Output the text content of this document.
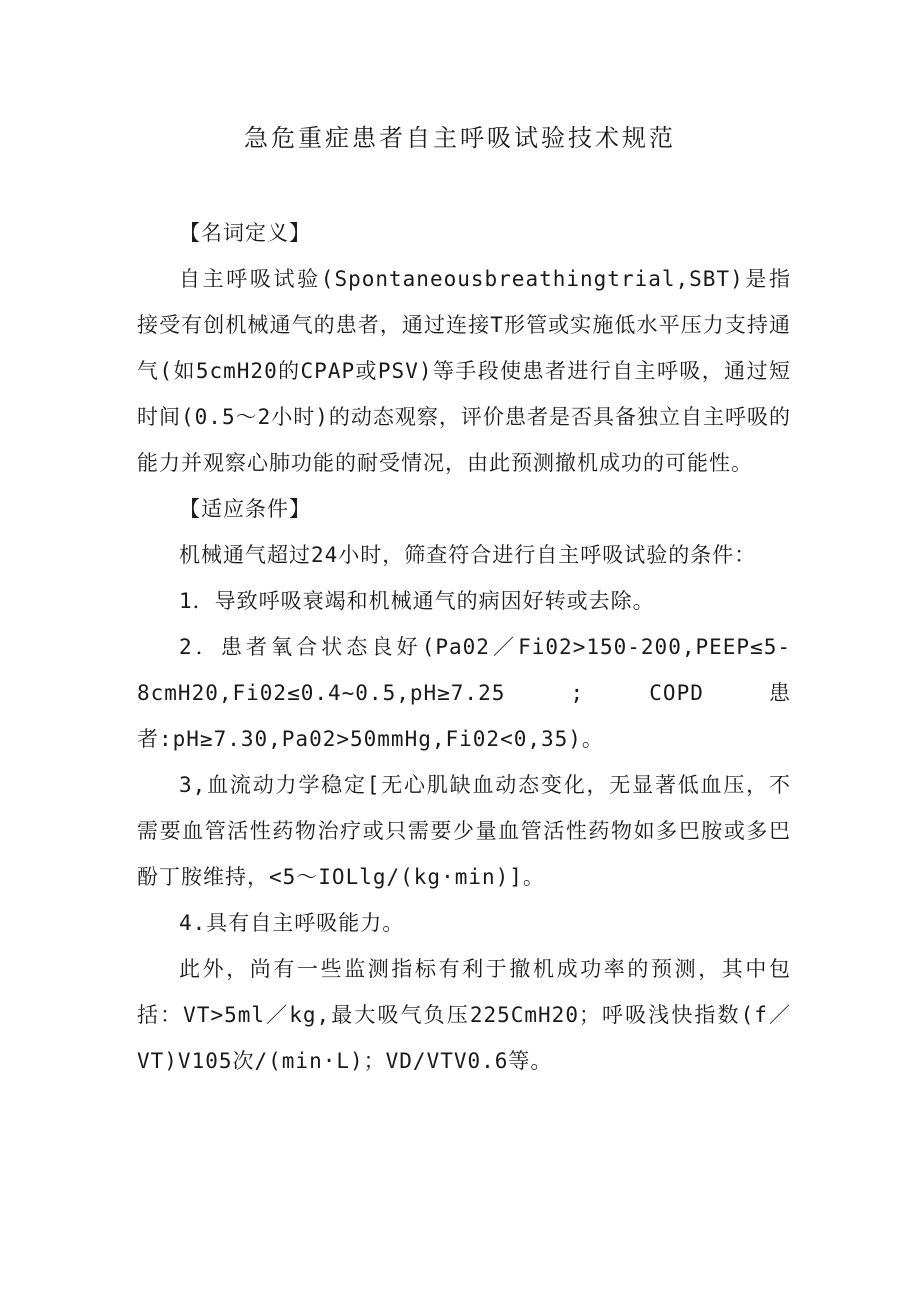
急危重症患者自主呼吸试验技术规范
【名词定义】

自主呼吸试验(Spontaneousbreathingtrial,SBT)是指接受有创机械通气的患者，通过连接T形管或实施低水平压力支持通气(如5cmH20的CPAP或PSV)等手段使患者进行自主呼吸，通过短时间(0.5～2小时)的动态观察，评价患者是否具备独立自主呼吸的能力并观察心肺功能的耐受情况，由此预测撤机成功的可能性。

【适应条件】

机械通气超过24小时，筛查符合进行自主呼吸试验的条件：

1．导致呼吸衰竭和机械通气的病因好转或去除。

2．患者氧合状态良好(Pa02／Fi02>150-200,PEEP≤5-8cmH20,Fi02≤0.4~0.5,pH≥7.25 ; COPD 患者:pH≥7.30,Pa02>50mmHg,Fi02<0,35)。

3,血流动力学稳定[无心肌缺血动态变化，无显著低血压，不需要血管活性药物治疗或只需要少量血管活性药物如多巴胺或多巴酚丁胺维持，<5～IOLlg/(kg·min)]。

4.具有自主呼吸能力。

此外，尚有一些监测指标有利于撤机成功率的预测，其中包括：VT>5ml／kg,最大吸气负压225CmH20；呼吸浅快指数(f／VT)V105次/(min·L)；VD/VTV0.6等。
